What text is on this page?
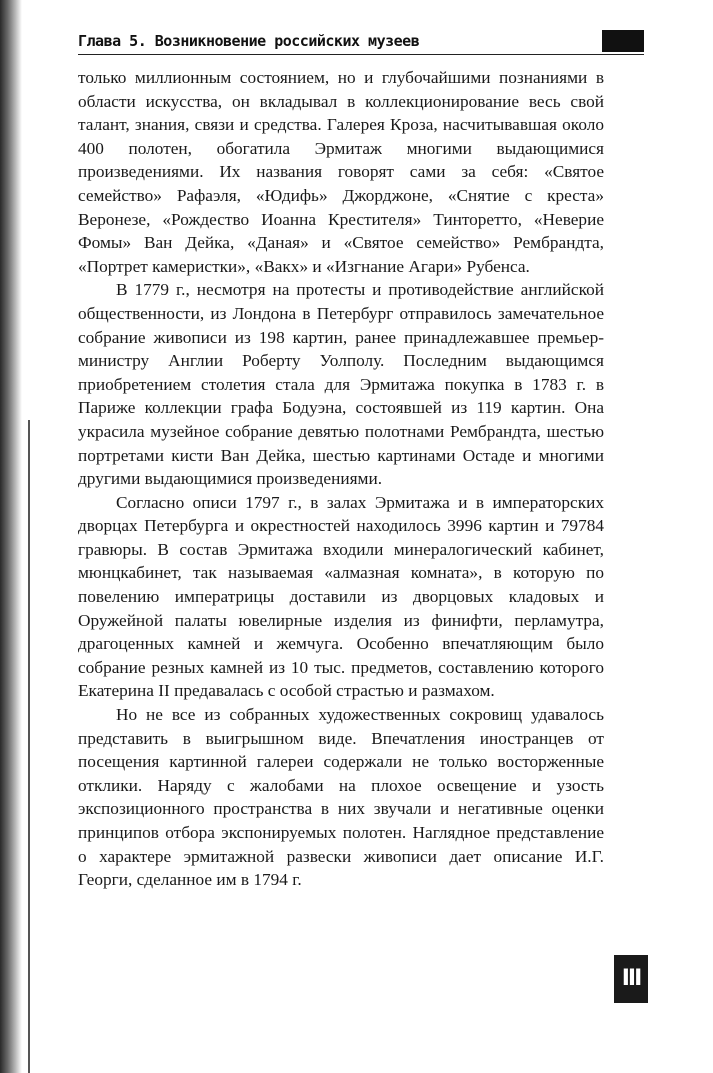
Глава 5. Возникновение российских музеев

только миллионным состоянием, но и глубочайшими познаниями в области искусства, он вкладывал в коллекционирование весь свой талант, знания, связи и средства. Галерея Кроза, насчитывавшая около 400 полотен, обогатила Эрмитаж многими выдающимися произведениями. Их названия говорят сами за себя: «Святое семейство» Рафаэля, «Юдифь» Джорджоне, «Снятие с креста» Веронезе, «Рождество Иоанна Крестителя» Тинторетто, «Неверие Фомы» Ван Дейка, «Даная» и «Святое семейство» Рембрандта, «Портрет камеристки», «Вакх» и «Изгнание Агари» Рубенса.

В 1779 г., несмотря на протесты и противодействие английской общественности, из Лондона в Петербург отправилось замечательное собрание живописи из 198 картин, ранее принадлежавшее премьер-министру Англии Роберту Уолполу. Последним выдающимся приобретением столетия стала для Эрмитажа покупка в 1783 г. в Париже коллекции графа Бодуэна, состоявшей из 119 картин. Она украсила музейное собрание девятью полотнами Рембрандта, шестью портретами кисти Ван Дейка, шестью картинами Остаде и многими другими выдающимися произведениями.

Согласно описи 1797 г., в залах Эрмитажа и в императорских дворцах Петербурга и окрестностей находилось 3996 картин и 79784 гравюры. В состав Эрмитажа входили минералогический кабинет, мюнцкабинет, так называемая «алмазная комната», в которую по повелению императрицы доставили из дворцовых кладовых и Оружейной палаты ювелирные изделия из финифти, перламутра, драгоценных камней и жемчуга. Особенно впечатляющим было собрание резных камней из 10 тыс. предметов, составлению которого Екатерина II предавалась с особой страстью и размахом.

Но не все из собранных художественных сокровищ удавалось представить в выигрышном виде. Впечатления иностранцев от посещения картинной галереи содержали не только восторженные отклики. Наряду с жалобами на плохое освещение и узость экспозиционного пространства в них звучали и негативные оценки принципов отбора экспонируемых полотен. Наглядное представление о характере эрмитажной развески живописи дает описание И.Г. Георги, сделанное им в 1794 г.

III
